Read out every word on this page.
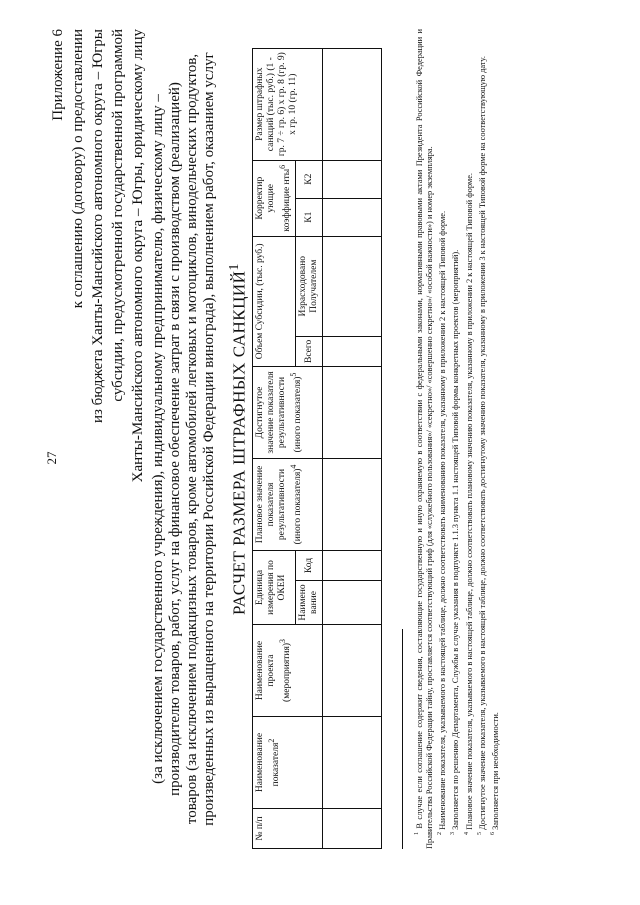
27
Приложение 6 к соглашению (договору) о предоставлении из бюджета Ханты-Мансийского автономного округа – Югры субсидии, предусмотренной государственной программой Ханты-Мансийского автономного округа – Югры, юридическому лицу (за исключением государственного учреждения), индивидуальному предпринимателю, физическому лицу – производителю товаров, работ, услуг на финансовое обеспечение затрат в связи с производством (реализацией) товаров (за исключением подакцизных товаров, кроме автомобилей легковых и мотоциклов, винодельческих продуктов, произведенных из выращенного на территории Российской Федерации винограда), выполнением работ, оказанием услуг РАСЧЕТ РАЗМЕРА ШТРАФНЫХ САНКЦИЙ$^1$
№ п/п	Наименование показателя$^2$	Наименование проекта (мероприятия)$^3$	Единица измерения по ОКЕИ		Плановое значение показателя результативности (иного показателя)$^4$	Достигнутое значение показателя результативности (иного показателя)$^5$	Объем Субсидии, (тыс. руб.)		Корректир ующие коэффицие нты$^6$		Размер штрафных санкций (тыс. руб.) (1 - гр. 7 ÷ гр. 6) x гр. 8 (гр. 9) x гр. 10 (гр. 11)
			Наимено вание	Код			Всего	Израсходовано Получателем	К1	К2	

$^1$ В случае если соглашение содержит сведения, составляющие государственную и иную охраняемую в соответствии с федеральными законами, нормативными правовыми актами Президента Российской Федерации и Правительства Российской Федерации тайну, проставляется соответствующий гриф (для «служебного пользования»/ «секретно»/ «совершенно секретно»/ «особой важности») и номер экземпляра. $^2$ Наименование показателя, указываемого в настоящей таблице, должно соответствовать наименованию показателя, указанному в приложении 2 к настоящей Типовой форме.

$^3$ Заполняется по решению Департамента, Службы в случае указания в подпункте 1.1.3 пункта 1.1 настоящей Типовой формы конкретных проектов (мероприятий).

$^4$ Плановое значение показателя, указываемого в настоящей таблице, должно соответствовать плановому значению показателя, указанному в приложении 2 к настоящей Типовой форме.

$^5$ Достигнутое значение показателя, указываемого в настоящей таблице, должно соответствовать достигнутому значению показателя, указанному в приложении 3 к настоящей Типовой форме на соответствующую дату.

$^6$ Заполняется при необходимости.
